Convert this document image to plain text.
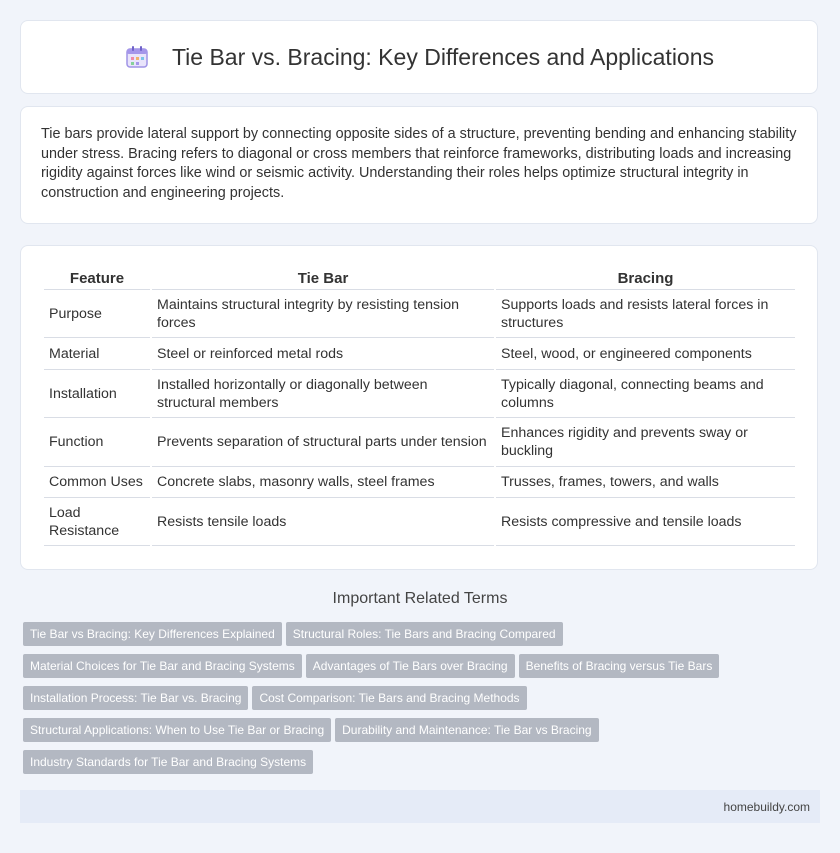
Tie Bar vs. Bracing: Key Differences and Applications

Tie bars provide lateral support by connecting opposite sides of a structure, preventing bending and enhancing stability under stress. Bracing refers to diagonal or cross members that reinforce frameworks, distributing loads and increasing rigidity against forces like wind or seismic activity. Understanding their roles helps optimize structural integrity in construction and engineering projects.

Feature	Tie Bar	Bracing
Purpose	Maintains structural integrity by resisting tension forces	Supports loads and resists lateral forces in structures
Material	Steel or reinforced metal rods	Steel, wood, or engineered components
Installation	Installed horizontally or diagonally between structural members	Typically diagonal, connecting beams and columns
Function	Prevents separation of structural parts under tension	Enhances rigidity and prevents sway or buckling
Common Uses	Concrete slabs, masonry walls, steel frames	Trusses, frames, towers, and walls
Load Resistance	Resists tensile loads	Resists compressive and tensile loads
Important Related Terms
Tie Bar vs Bracing: Key Differences Explained Structural Roles: Tie Bars and Bracing Compared
Material Choices for Tie Bar and Bracing Systems Advantages of Tie Bars over Bracing Benefits of Bracing versus Tie Bars
Installation Process: Tie Bar vs. Bracing Cost Comparison: Tie Bars and Bracing Methods
Structural Applications: When to Use Tie Bar or Bracing Durability and Maintenance: Tie Bar vs Bracing
Industry Standards for Tie Bar and Bracing Systems
homebuildy.com
